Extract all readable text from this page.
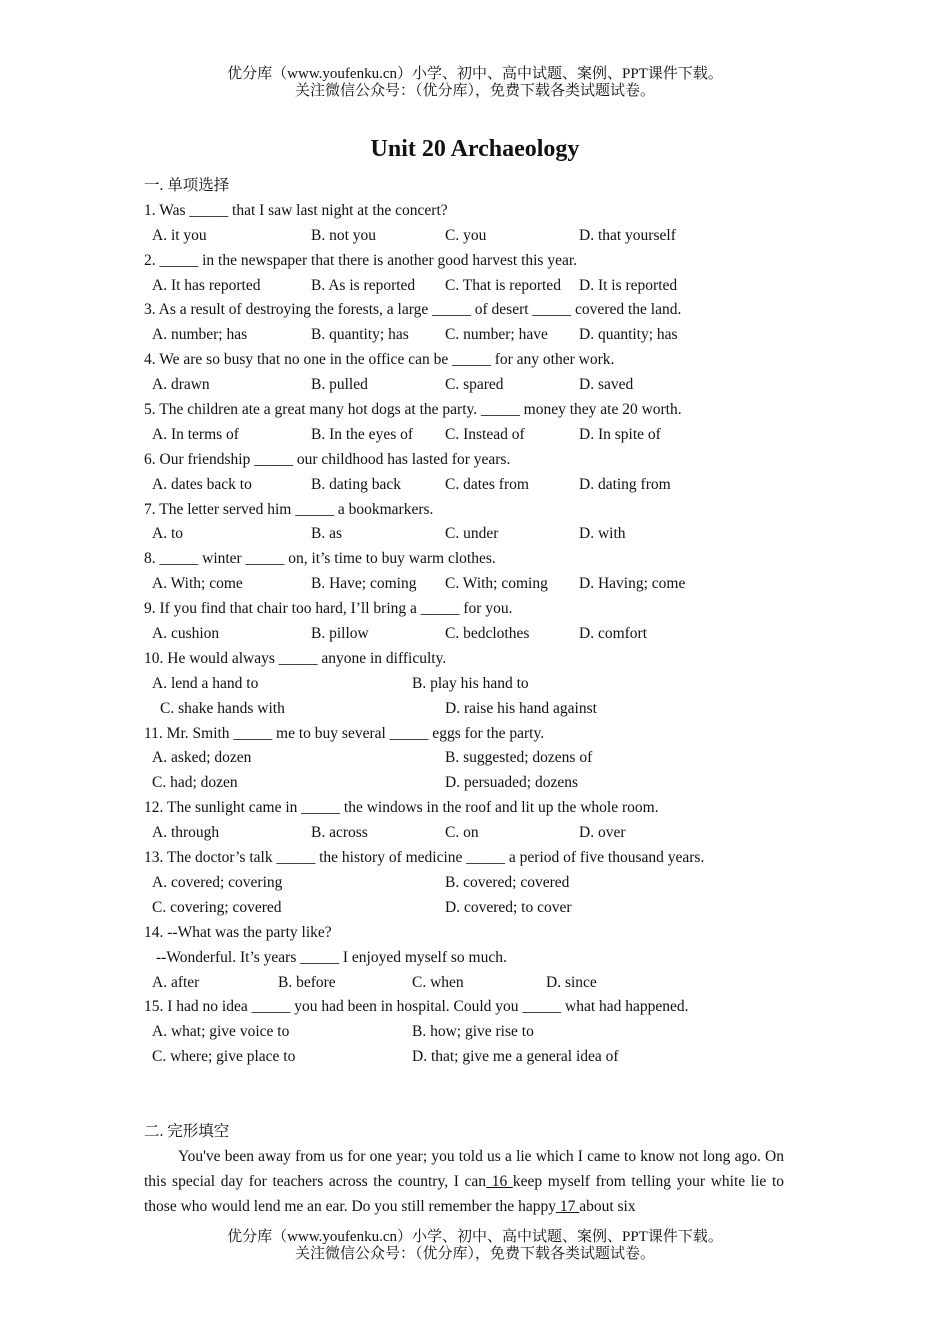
优分库（www.youfenku.cn）小学、初中、高中试题、案例、PPT课件下载。
关注微信公众号：（优分库），免费下载各类试题试卷。
Unit 20 Archaeology
一. 单项选择
1. Was _____ that I saw last night at the concert?
A. it you	B. not you	C. you	D. that yourself
2. _____ in the newspaper that there is another good harvest this year.
A. It has reported	B. As is reported C. That is reported D. It is reported
3. As a result of destroying the forests, a large _____ of desert _____ covered the land.
A. number; has	B. quantity; has C. number; have D. quantity; has
4. We are so busy that no one in the office can be _____ for any other work.
A. drawn	B. pulled	C. spared	D. saved
5. The children ate a great many hot dogs at the party. _____ money they ate 20 worth.
A. In terms of	B. In the eyes of C. Instead of	D. In spite of
6. Our friendship _____ our childhood has lasted for years.
A. dates back to	B. dating back	C. dates from	D. dating from
7. The letter served him _____ a bookmarkers.
A. to	B. as	C. under	D. with
8. _____ winter _____ on, it’s time to buy warm clothes.
A. With; come	B. Have; coming C. With; coming D. Having; come
9. If you find that chair too hard, I’ll bring a _____ for you.
A. cushion	B. pillow	C. bedclothes	D. comfort
10. He would always _____ anyone in difficulty.
A. lend a hand to	B. play his hand to
C. shake hands with	D. raise his hand against
11. Mr. Smith _____ me to buy several _____ eggs for the party.
A. asked; dozen	B. suggested; dozens of
C. had; dozen	D. persuaded; dozens
12. The sunlight came in _____ the windows in the roof and lit up the whole room.
A. through	B. across	C. on	D. over
13. The doctor’s talk _____ the history of medicine _____ a period of five thousand years.
A. covered; covering	B. covered; covered
C. covering; covered	D. covered; to cover
14. --What was the party like?
--Wonderful. It’s years _____ I enjoyed myself so much.
A. after	B. before	C. when	D. since
15. I had no idea _____ you had been in hospital. Could you _____ what had happened.
A. what; give voice to	B. how; give rise to
C. where; give place to	D. that; give me a general idea of
二. 完形填空
You've been away from us for one year; you told us a lie which I came to know not long ago. On this special day for teachers across the country, I can 16 keep myself from telling your white lie to those who would lend me an ear. Do you still remember the happy 17 about six
优分库（www.youfenku.cn）小学、初中、高中试题、案例、PPT课件下载。
关注微信公众号：（优分库），免费下载各类试题试卷。
